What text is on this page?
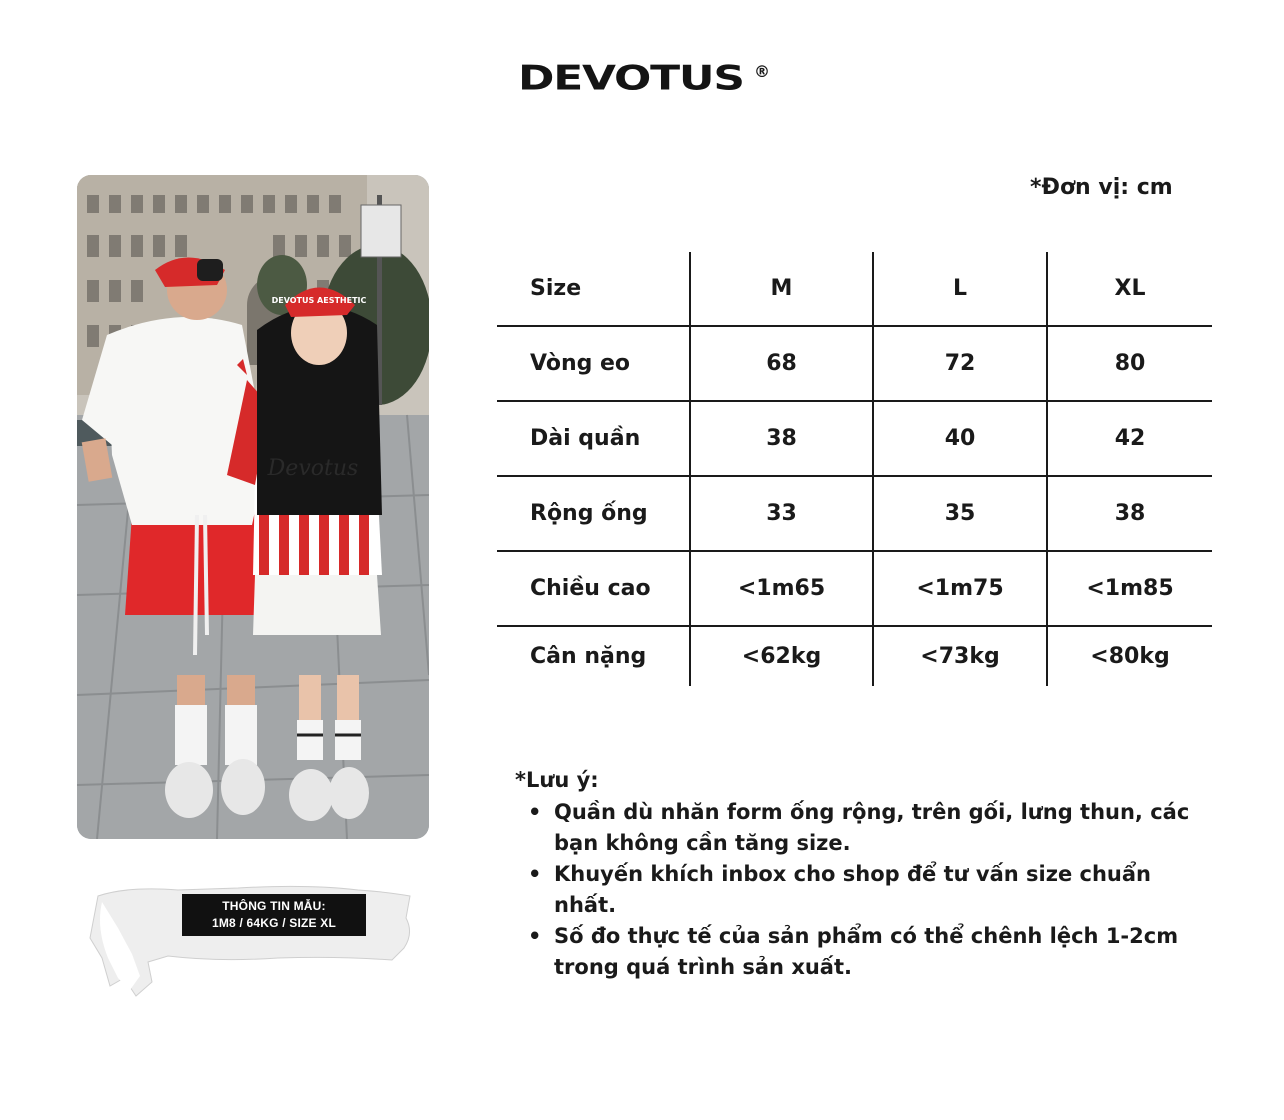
DEVOTUS ®
DEVOTUS AESTHETIC
Devotus
THÔNG TIN MẪU:
1M8 / 64KG / SIZE XL
*Đơn vị: cm
Size	M	L	XL
Vòng eo	68	72	80
Dài quần	38	40	42
Rộng ống	33	35	38
Chiều cao	<1m65	<1m75	<1m85
Cân nặng	<62kg	<73kg	<80kg
*Lưu ý:
• Quần dù nhăn form ống rộng, trên gối, lưng thun, các bạn không cần tăng size.
• Khuyến khích inbox cho shop để tư vấn size chuẩn nhất.
• Số đo thực tế của sản phẩm có thể chênh lệch 1-2cm trong quá trình sản xuất.
